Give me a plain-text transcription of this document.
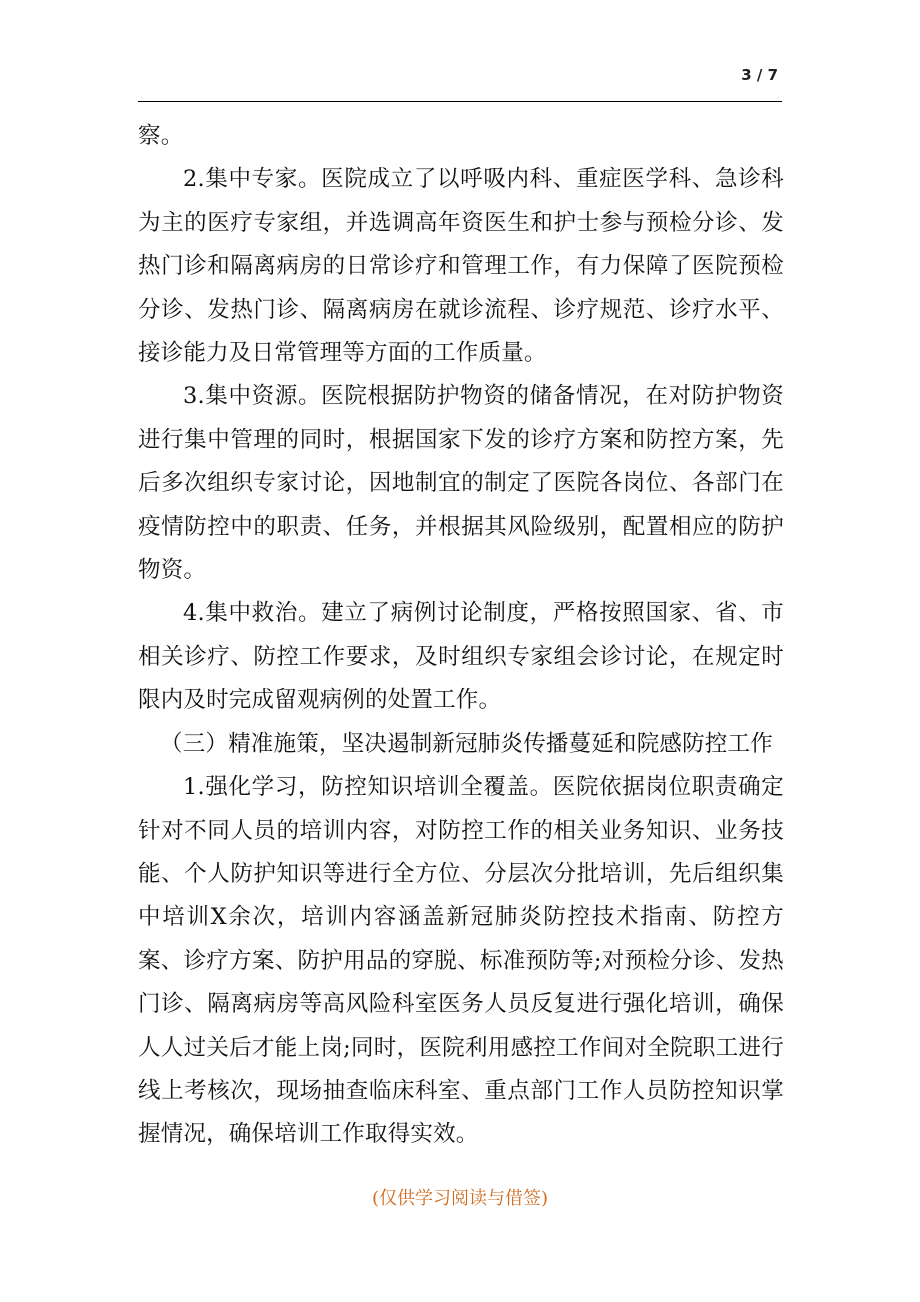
3 / 7

察。

2.集中专家。医院成立了以呼吸内科、重症医学科、急诊科为主的医疗专家组，并选调高年资医生和护士参与预检分诊、发热门诊和隔离病房的日常诊疗和管理工作，有力保障了医院预检分诊、发热门诊、隔离病房在就诊流程、诊疗规范、诊疗水平、接诊能力及日常管理等方面的工作质量。

3.集中资源。医院根据防护物资的储备情况，在对防护物资进行集中管理的同时，根据国家下发的诊疗方案和防控方案，先后多次组织专家讨论，因地制宜的制定了医院各岗位、各部门在疫情防控中的职责、任务，并根据其风险级别，配置相应的防护物资。

4.集中救治。建立了病例讨论制度，严格按照国家、省、市相关诊疗、防控工作要求，及时组织专家组会诊讨论，在规定时限内及时完成留观病例的处置工作。

（三）精准施策，坚决遏制新冠肺炎传播蔓延和院感防控工作

1.强化学习，防控知识培训全覆盖。医院依据岗位职责确定针对不同人员的培训内容，对防控工作的相关业务知识、业务技能、个人防护知识等进行全方位、分层次分批培训，先后组织集中培训X余次，培训内容涵盖新冠肺炎防控技术指南、防控方案、诊疗方案、防护用品的穿脱、标准预防等;对预检分诊、发热门诊、隔离病房等高风险科室医务人员反复进行强化培训，确保人人过关后才能上岗;同时，医院利用感控工作间对全院职工进行线上考核次，现场抽查临床科室、重点部门工作人员防控知识掌握情况，确保培训工作取得实效。

(仅供学习阅读与借签)
